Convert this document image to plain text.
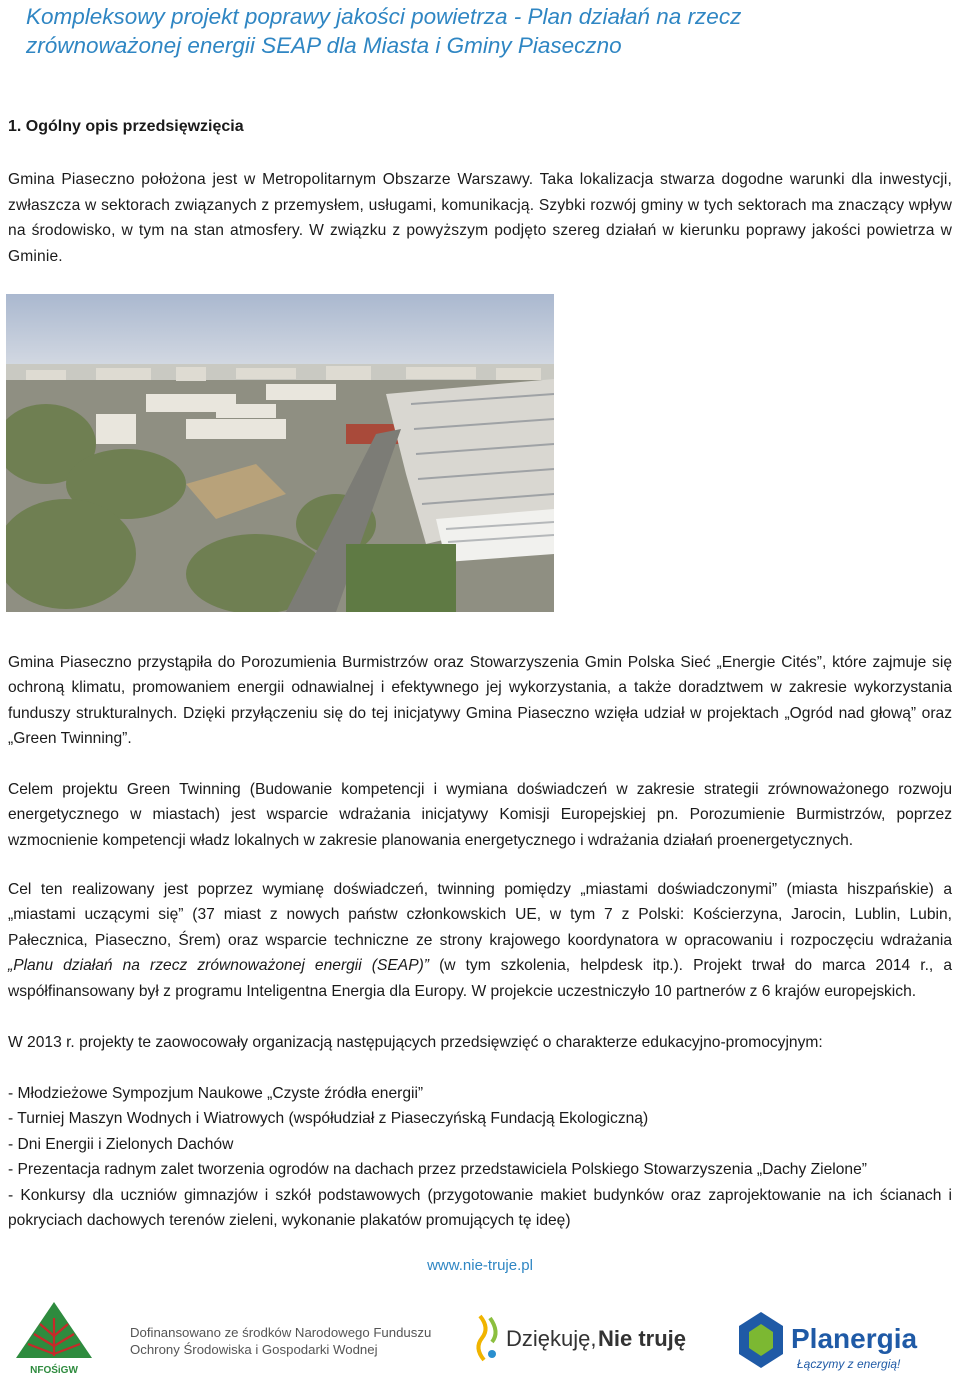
Kompleksowy projekt poprawy jakości powietrza - Plan działań na rzecz
zrównoważonej energii SEAP dla Miasta i Gminy Piaseczno
1. Ogólny opis przedsięwzięcia

Gmina Piaseczno położona jest w Metropolitarnym Obszarze Warszawy. Taka lokalizacja stwarza dogodne warunki dla inwestycji, zwłaszcza w sektorach związanych z przemysłem, usługami, komunikacją. Szybki rozwój gminy w tych sektorach ma znaczący wpływ na środowisko, w tym na stan atmosfery. W związku z powyższym podjęto szereg działań w kierunku poprawy jakości powietrza w Gminie.

Gmina Piaseczno przystąpiła do Porozumienia Burmistrzów oraz Stowarzyszenia Gmin Polska Sieć „Energie Cités”, które zajmuje się ochroną klimatu, promowaniem energii odnawialnej i efektywnego jej wykorzystania, a także doradztwem w zakresie wykorzystania funduszy strukturalnych. Dzięki przyłączeniu się do tej inicjatywy Gmina Piaseczno wzięła udział w projektach „Ogród nad głową” oraz „Green Twinning”.

Celem projektu Green Twinning (Budowanie kompetencji i wymiana doświadczeń w zakresie strategii zrównoważonego rozwoju energetycznego w miastach) jest wsparcie wdrażania inicjatywy Komisji Europejskiej pn. Porozumienie Burmistrzów, poprzez wzmocnienie kompetencji władz lokalnych w zakresie planowania energetycznego i wdrażania działań proenergetycznych.

Cel ten realizowany jest poprzez wymianę doświadczeń, twinning pomiędzy „miastami doświadczonymi” (miasta hiszpańskie) a „miastami uczącymi się” (37 miast z nowych państw członkowskich UE, w tym 7 z Polski: Kościerzyna, Jarocin, Lublin, Lubin, Pałecznica, Piaseczno, Śrem) oraz wsparcie techniczne ze strony krajowego koordynatora w opracowaniu i rozpoczęciu wdrażania „Planu działań na rzecz zrównoważonej energii (SEAP)” (w tym szkolenia, helpdesk itp.). Projekt trwał do marca 2014 r., a współfinansowany był z programu Inteligentna Energia dla Europy. W projekcie uczestniczyło 10 partnerów z 6 krajów europejskich.

W 2013 r. projekty te zaowocowały organizacją następujących przedsięwzięć o charakterze edukacyjno-promocyjnym:

- Młodzieżowe Sympozjum Naukowe „Czyste źródła energii”
- Turniej Maszyn Wodnych i Wiatrowych (współudział z Piaseczyńską Fundacją Ekologiczną)
- Dni Energii i Zielonych Dachów
- Prezentacja radnym zalet tworzenia ogrodów na dachach przez przedstawiciela Polskiego Stowarzyszenia „Dachy Zielone”
- Konkursy dla uczniów gimnazjów i szkół podstawowych (przygotowanie makiet budynków oraz zaprojektowanie na ich ścianach i pokryciach dachowych terenów zieleni, wykonanie plakatów promujących tę ideę)
www.nie-truje.pl
NFOŚiGW
Dofinansowano ze środków Narodowego Funduszu
Ochrony Środowiska i Gospodarki Wodnej	Dziękuję, Nie truję	Planergia
Łączymy z energią!
